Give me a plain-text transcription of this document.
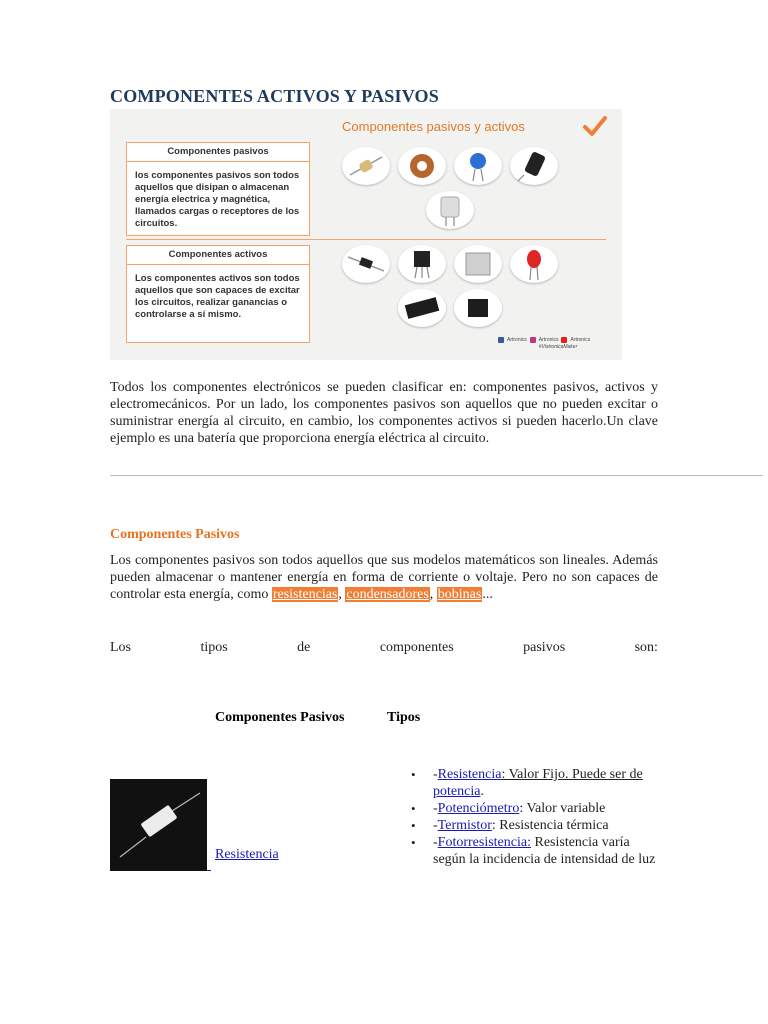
COMPONENTES ACTIVOS Y PASIVOS
Componentes pasivos y activos
Componentes pasivos
los componentes pasivos son todos aquellos que disipan o almacenan energía electrica y magnética, llamados cargas o receptores de los circuitos.
Componentes activos
Los componentes activos son todos aquellos que son capaces de excitar los circuitos, realizar ganancias o controlarse a sí mismo.
Artronics Artronics Artronics
#VistronicaMaker
Todos los componentes electrónicos se pueden clasificar en: componentes pasivos, activos y electromecánicos. Por un lado, los componentes pasivos son aquellos que no pueden excitar o suministrar energía al circuito, en cambio, los componentes activos si pueden hacerlo.Un clave ejemplo es una batería que proporciona energía eléctrica al circuito.
Componentes Pasivos
Los componentes pasivos son todos aquellos que sus modelos matemáticos son lineales. Además pueden almacenar o mantener energía en forma de corriente o voltaje. Pero no son capaces de controlar esta energía, como resistencias, condensadores, bobinas...
Los	tipos	de	componentes	pasivos	son:
Componentes Pasivos	Tipos
Resistencia
• -Resistencia: Valor Fijo. Puede ser de
potencia.
• -Potenciómetro: Valor variable
• -Termistor: Resistencia térmica
• -Fotorresistencia: Resistencia varía según la incidencia de intensidad de luz
